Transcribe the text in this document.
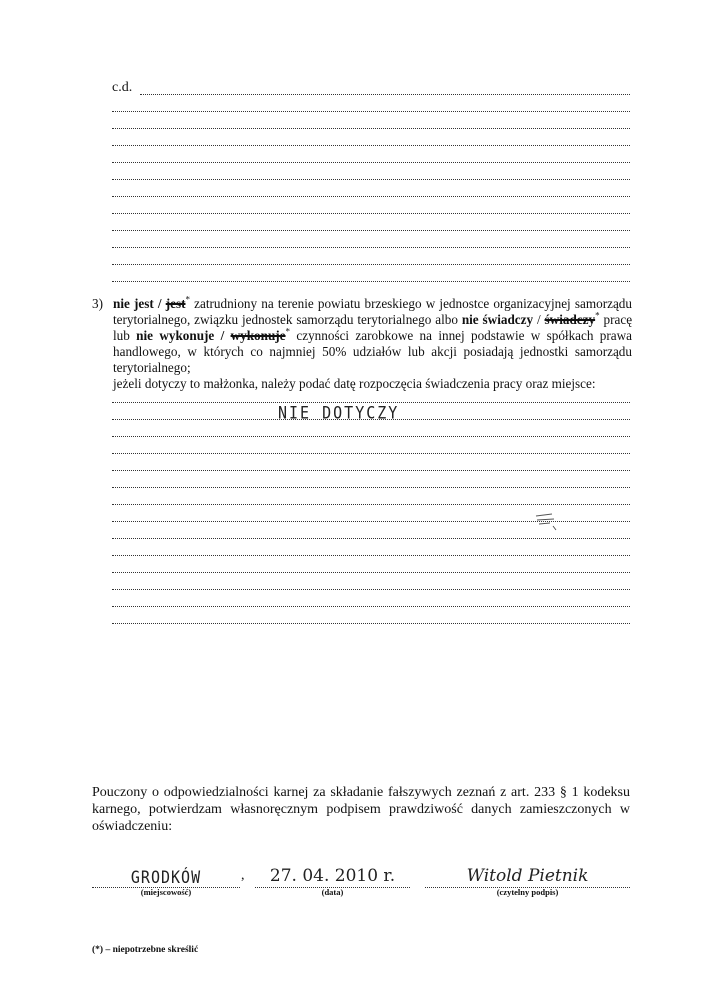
c.d.
3) nie jest / jest* zatrudniony na terenie powiatu brzeskiego w jednostce organizacyjnej samorządu terytorialnego, związku jednostek samorządu terytorialnego albo nie świadczy / świadczy* pracę lub nie wykonuje / wykonuje* czynności zarobkowe na innej podstawie w spółkach prawa handlowego, w których co najmniej 50% udziałów lub akcji posiadają jednostki samorządu terytorialnego;
jeżeli dotyczy to małżonka, należy podać datę rozpoczęcia świadczenia pracy oraz miejsce:
NIE DOTYCZY
Pouczony o odpowiedzialności karnej za składanie fałszywych zeznań z art. 233 § 1 kodeksu karnego, potwierdzam własnoręcznym podpisem prawdziwość danych zamieszczonych w oświadczeniu:
GRODKÓW
(miejscowość)
,	27. 04. 2010 r.
(data)
Witold Pietnik
(czytelny podpis)
(*) – niepotrzebne skreślić
